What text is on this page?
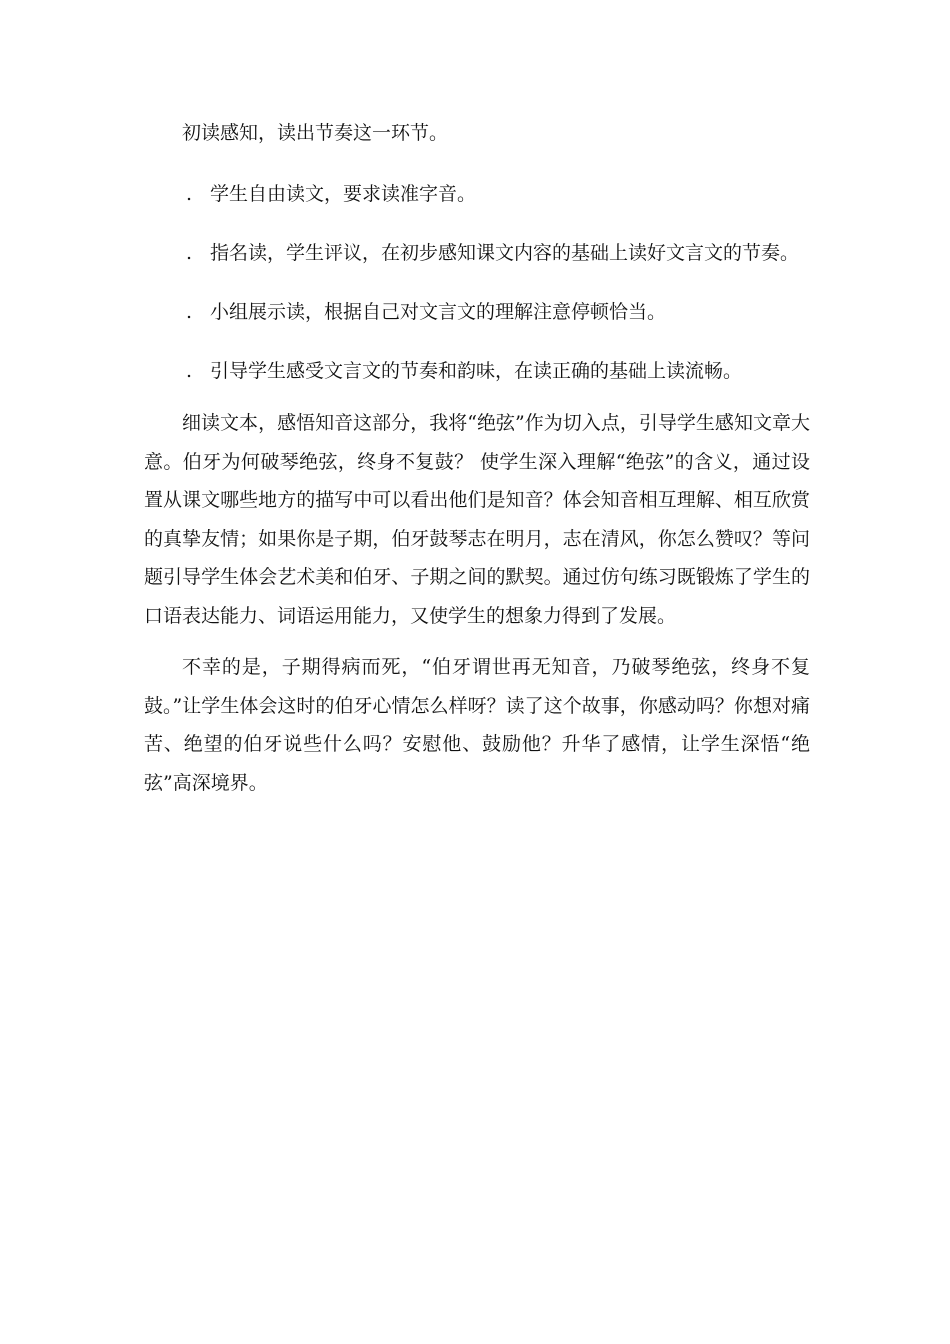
初读感知，读出节奏这一环节。
. 学生自由读文，要求读准字音。
. 指名读，学生评议，在初步感知课文内容的基础上读好文言文的节奏。
. 小组展示读，根据自己对文言文的理解注意停顿恰当。
. 引导学生感受文言文的节奏和韵味，在读正确的基础上读流畅。

细读文本，感悟知音这部分，我将“绝弦”作为切入点，引导学生感知文章大意。伯牙为何破琴绝弦，终身不复鼓？ 使学生深入理解“绝弦”的含义，通过设置从课文哪些地方的描写中可以看出他们是知音？体会知音相互理解、相互欣赏的真挚友情；如果你是子期，伯牙鼓琴志在明月，志在清风，你怎么赞叹？等问题引导学生体会艺术美和伯牙、子期之间的默契。通过仿句练习既锻炼了学生的口语表达能力、词语运用能力，又使学生的想象力得到了发展。

不幸的是，子期得病而死，“伯牙谓世再无知音，乃破琴绝弦，终身不复鼓。”让学生体会这时的伯牙心情怎么样呀？读了这个故事，你感动吗？你想对痛苦、绝望的伯牙说些什么吗？安慰他、鼓励他？升华了感情，让学生深悟“绝弦”高深境界。
